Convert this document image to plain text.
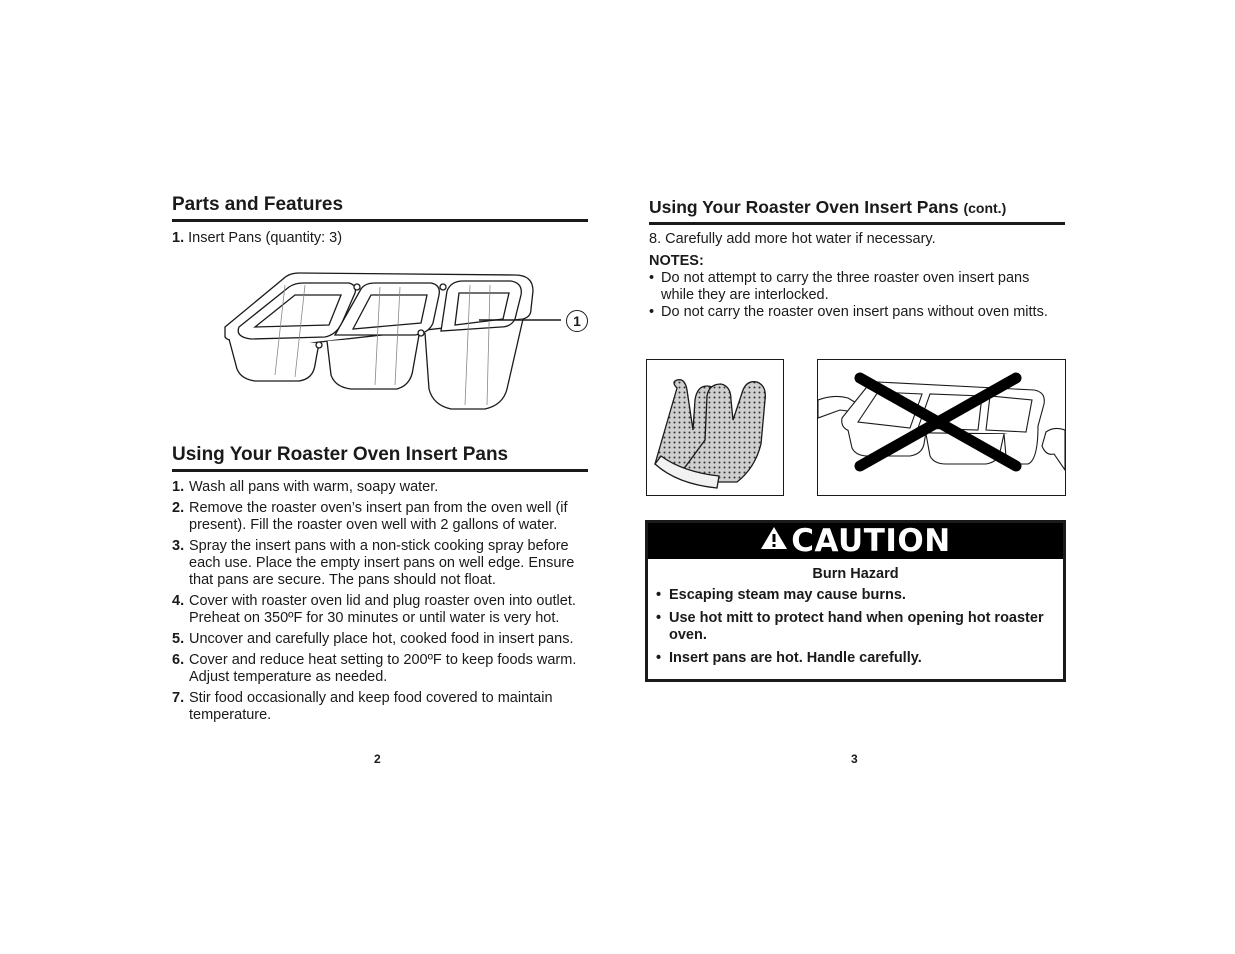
Parts and Features
1. Insert Pans (quantity: 3)
1
Using Your Roaster Oven Insert Pans
1. Wash all pans with warm, soapy water.
2. Remove the roaster oven’s insert pan from the oven well (if present). Fill the roaster oven well with 2 gallons of water.
3. Spray the insert pans with a non-stick cooking spray before each use. Place the empty insert pans on well edge. Ensure that pans are secure. The pans should not float.
4. Cover with roaster oven lid and plug roaster oven into outlet. Preheat on 350ºF for 30 minutes or until water is very hot.
5. Uncover and carefully place hot, cooked food in insert pans.
6. Cover and reduce heat setting to 200ºF to keep foods warm. Adjust temperature as needed.
7. Stir food occasionally and keep food covered to maintain temperature.
2
Using Your Roaster Oven Insert Pans (cont.)
8. Carefully add more hot water if necessary.
NOTES:
• Do not attempt to carry the three roaster oven insert pans while they are interlocked.
• Do not carry the roaster oven insert pans without oven mitts.
CAUTION
Burn Hazard
• Escaping steam may cause burns.
• Use hot mitt to protect hand when opening hot roaster oven.
• Insert pans are hot. Handle carefully.
3
